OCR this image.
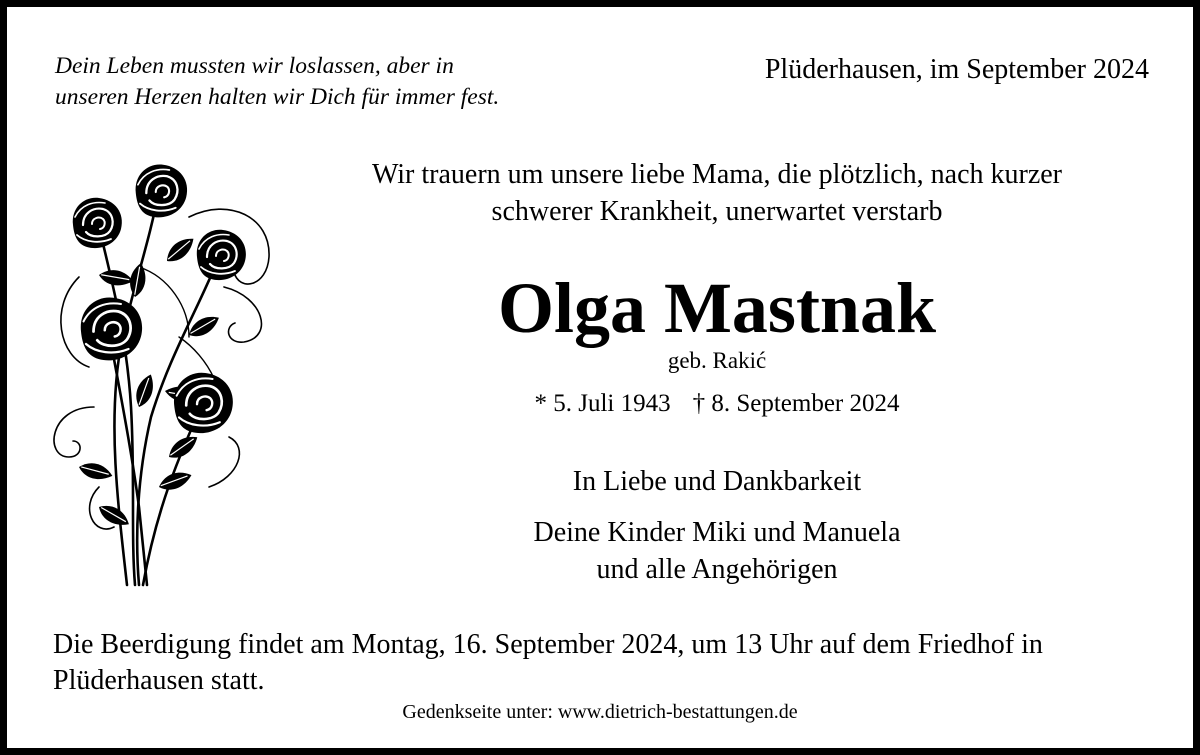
Dein Leben mussten wir loslassen, aber in
unseren Herzen halten wir Dich für immer fest.
Plüderhausen, im September 2024
Wir trauern um unsere liebe Mama, die plötzlich, nach kurzer
schwerer Krankheit, unerwartet verstarb
Olga Mastnak
geb. Rakić
* 5. Juli 1943 † 8. September 2024
In Liebe und Dankbarkeit
Deine Kinder Miki und Manuela
und alle Angehörigen
Die Beerdigung findet am Montag, 16. September 2024, um 13 Uhr auf dem Friedhof in
Plüderhausen statt.
Gedenkseite unter: www.dietrich-bestattungen.de
